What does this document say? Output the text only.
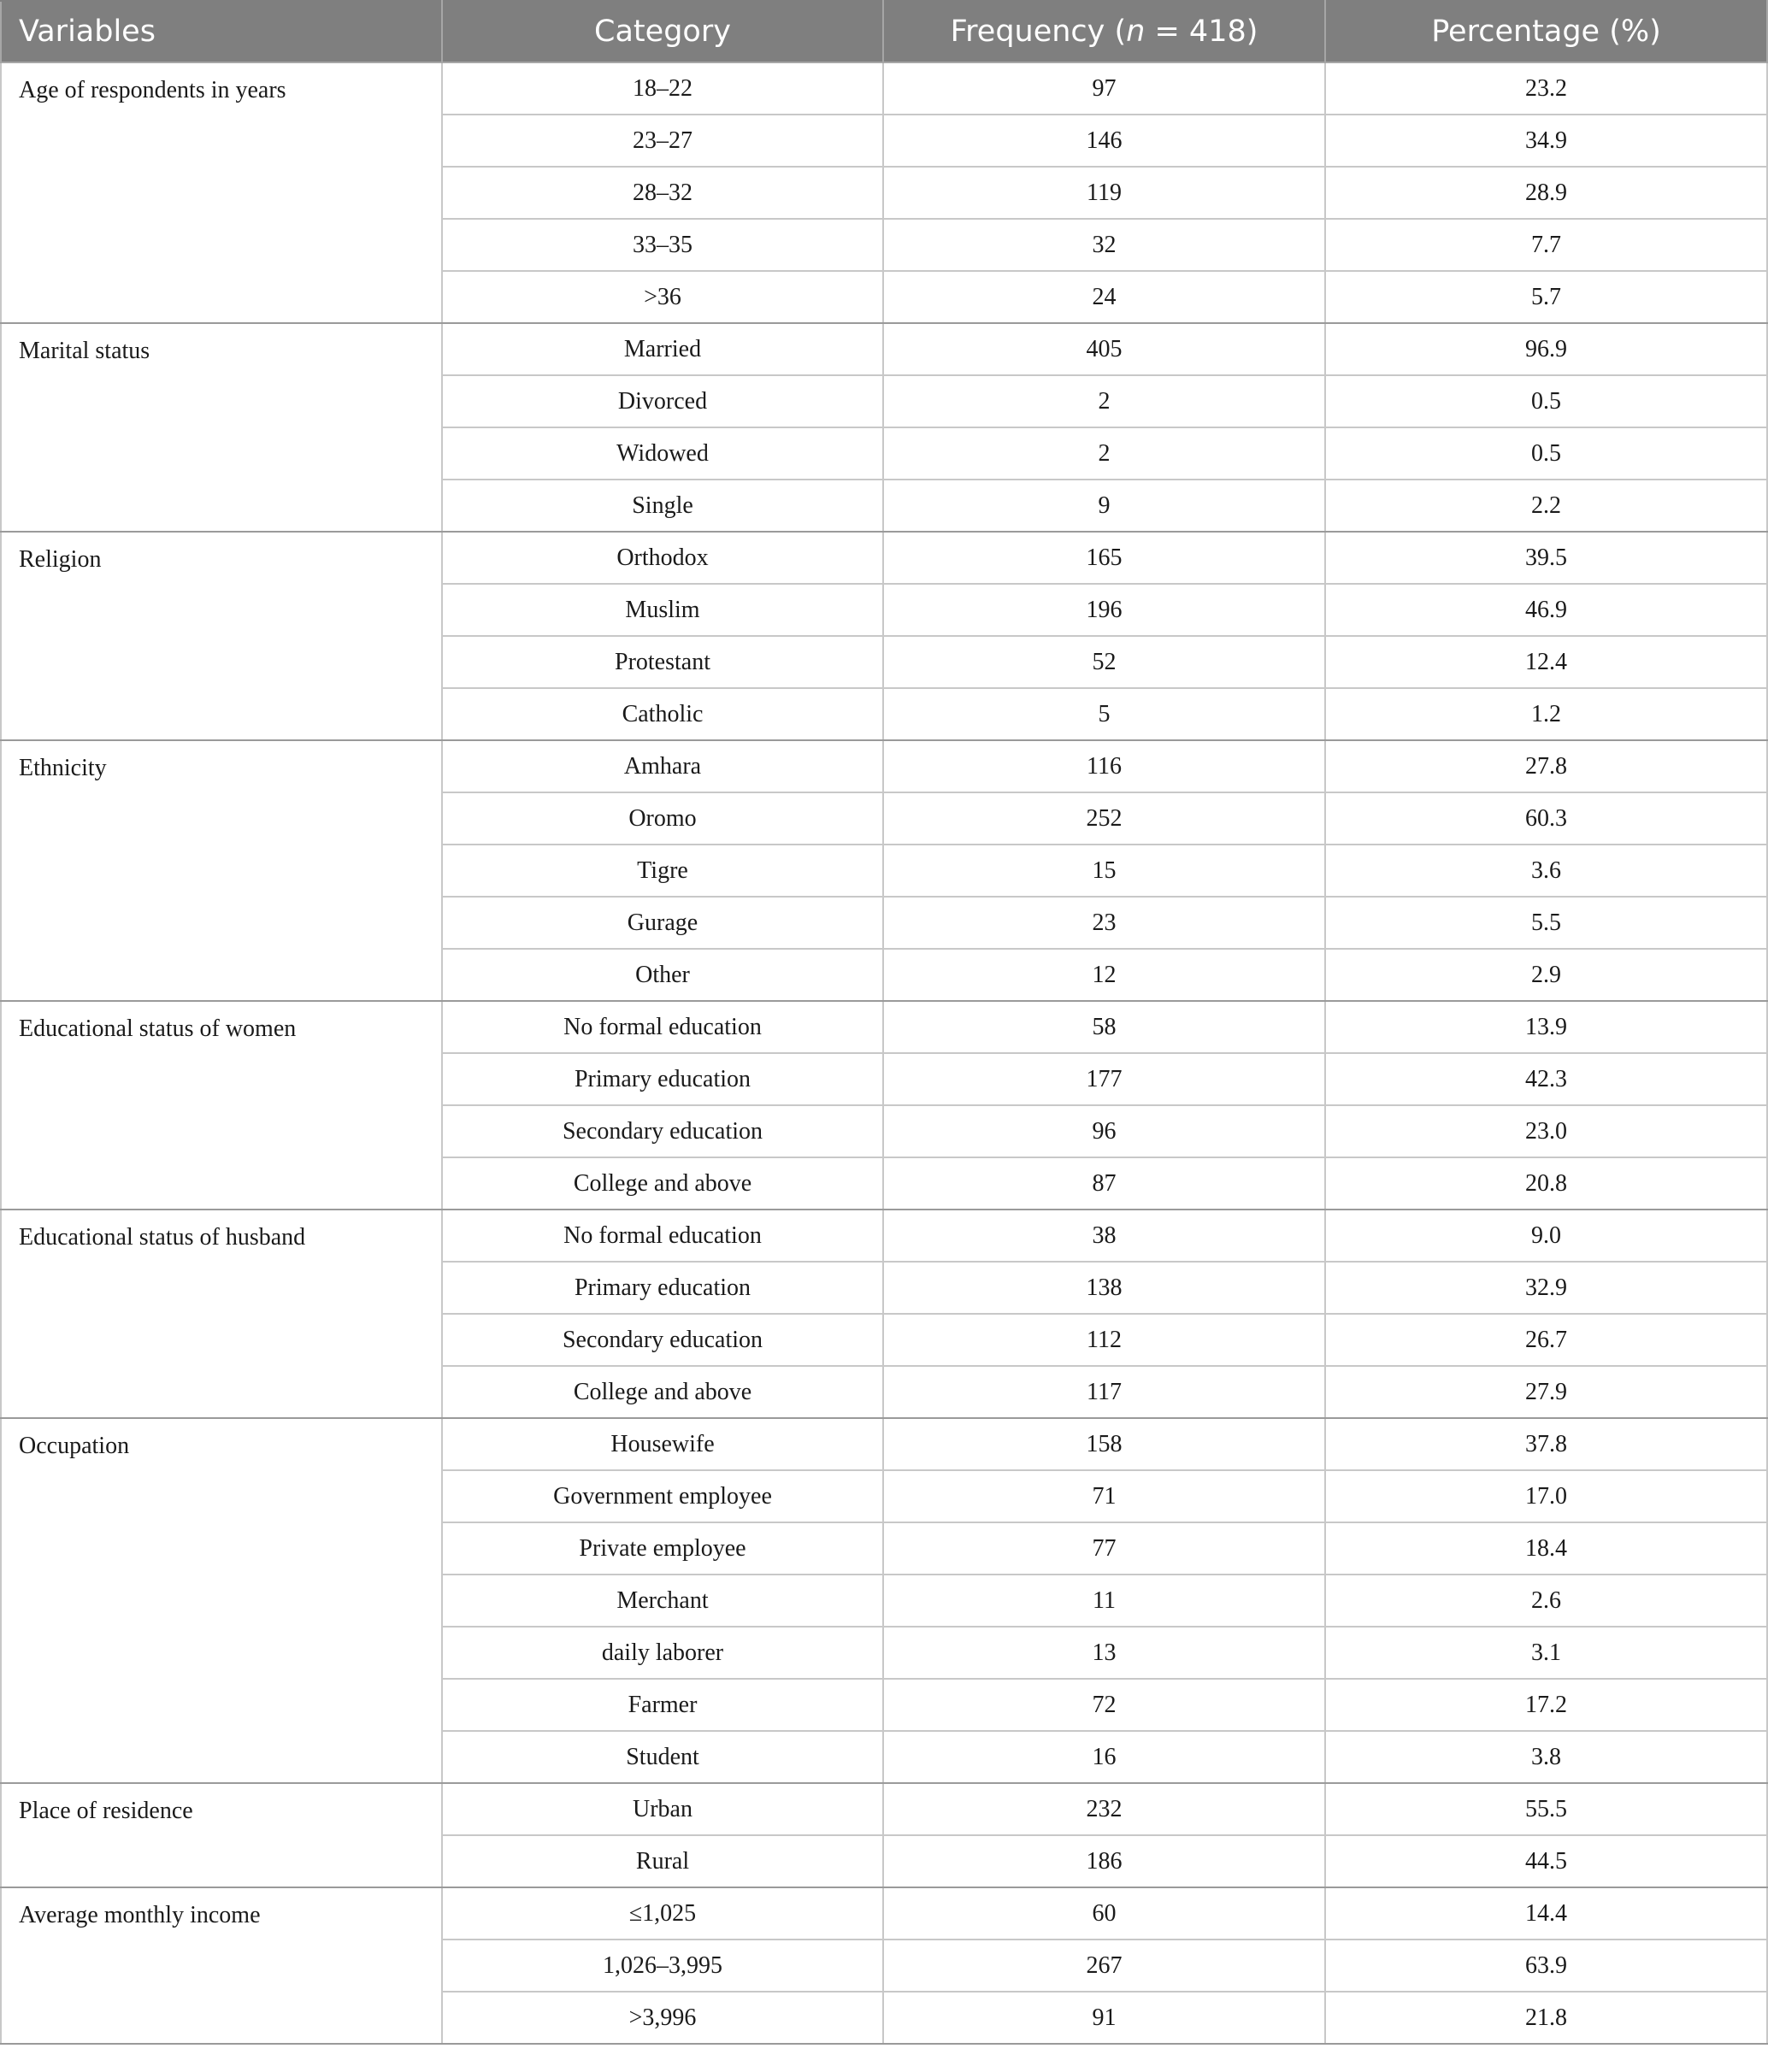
Variables	Category	Frequency (n = 418)	Percentage (%)
Age of respondents in years	18–22	97	23.2
	23–27	146	34.9
	28–32	119	28.9
	33–35	32	7.7
	>36	24	5.7
Marital status	Married	405	96.9
	Divorced	2	0.5
	Widowed	2	0.5
	Single	9	2.2
Religion	Orthodox	165	39.5
	Muslim	196	46.9
	Protestant	52	12.4
	Catholic	5	1.2
Ethnicity	Amhara	116	27.8
	Oromo	252	60.3
	Tigre	15	3.6
	Gurage	23	5.5
	Other	12	2.9
Educational status of women	No formal education	58	13.9
	Primary education	177	42.3
	Secondary education	96	23.0
	College and above	87	20.8
Educational status of husband	No formal education	38	9.0
	Primary education	138	32.9
	Secondary education	112	26.7
	College and above	117	27.9
Occupation	Housewife	158	37.8
	Government employee	71	17.0
	Private employee	77	18.4
	Merchant	11	2.6
	daily laborer	13	3.1
	Farmer	72	17.2
	Student	16	3.8
Place of residence	Urban	232	55.5
	Rural	186	44.5
Average monthly income	≤1,025	60	14.4
	1,026–3,995	267	63.9
	>3,996	91	21.8
